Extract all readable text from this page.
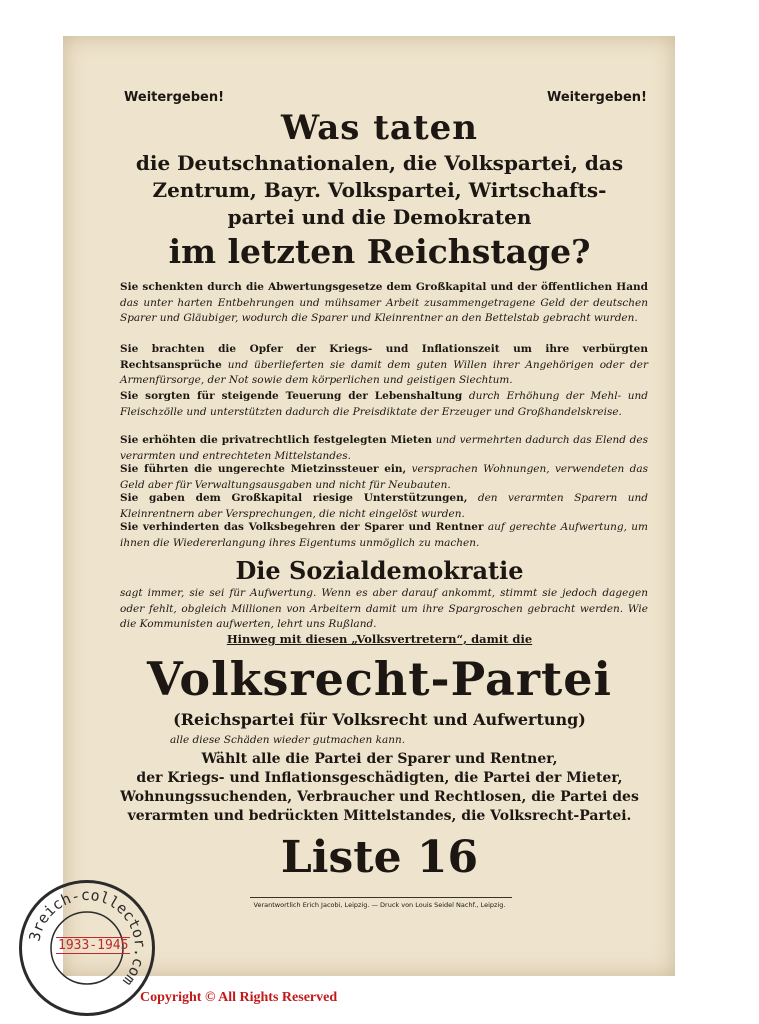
Weitergeben!	Weitergeben!
Was taten
die Deutschnationalen, die Volkspartei, das
Zentrum, Bayr. Volkspartei, Wirtschafts-
partei und die Demokraten
im letzten Reichstage?

Sie schenkten durch die Abwertungsgesetze dem Großkapital und der öffentlichen Hand das unter harten Entbehrungen und mühsamer Arbeit zusammengetragene Geld der deutschen Sparer und Gläubiger, wodurch die Sparer und Kleinrentner an den Bettelstab gebracht wurden.

Sie brachten die Opfer der Kriegs- und Inflationszeit um ihre verbürgten Rechtsansprüche und überlieferten sie damit dem guten Willen ihrer Angehörigen oder der Armenfürsorge, der Not sowie dem körperlichen und geistigen Siechtum.

Sie sorgten für steigende Teuerung der Lebenshaltung durch Erhöhung der Mehl- und Fleischzölle und unterstützten dadurch die Preisdiktate der Erzeuger und Großhandelskreise.

Sie erhöhten die privatrechtlich festgelegten Mieten und vermehrten dadurch das Elend des verarmten und entrechteten Mittelstandes.

Sie führten die ungerechte Mietzinssteuer ein, versprachen Wohnungen, verwendeten das Geld aber für Verwaltungsausgaben und nicht für Neubauten.

Sie gaben dem Großkapital riesige Unterstützungen, den verarmten Sparern und Kleinrentnern aber Versprechungen, die nicht eingelöst wurden.

Sie verhinderten das Volksbegehren der Sparer und Rentner auf gerechte Aufwertung, um ihnen die Wiedererlangung ihres Eigentums unmöglich zu machen.

Die Sozialdemokratie

sagt immer, sie sei für Aufwertung. Wenn es aber darauf ankommt, stimmt sie jedoch dagegen oder fehlt, obgleich Millionen von Arbeitern damit um ihre Spargroschen gebracht werden. Wie die Kommunisten aufwerten, lehrt uns Rußland.

Hinweg mit diesen „Volksvertretern“, damit die
Volksrecht-Partei
(Reichspartei für Volksrecht und Aufwertung)
alle diese Schäden wieder gutmachen kann.
Wählt alle die Partei der Sparer und Rentner,
der Kriegs- und Inflationsgeschädigten, die Partei der Mieter,
Wohnungssuchenden, Verbraucher und Rechtlosen, die Partei des
verarmten und bedrückten Mittelstandes, die Volksrecht-Partei.
Liste 16
Verantwortlich Erich Jacobi, Leipzig. — Druck von Louis Seidel Nachf., Leipzig.
3reich-collector.com
1933-1945
Copyright © All Rights Reserved
